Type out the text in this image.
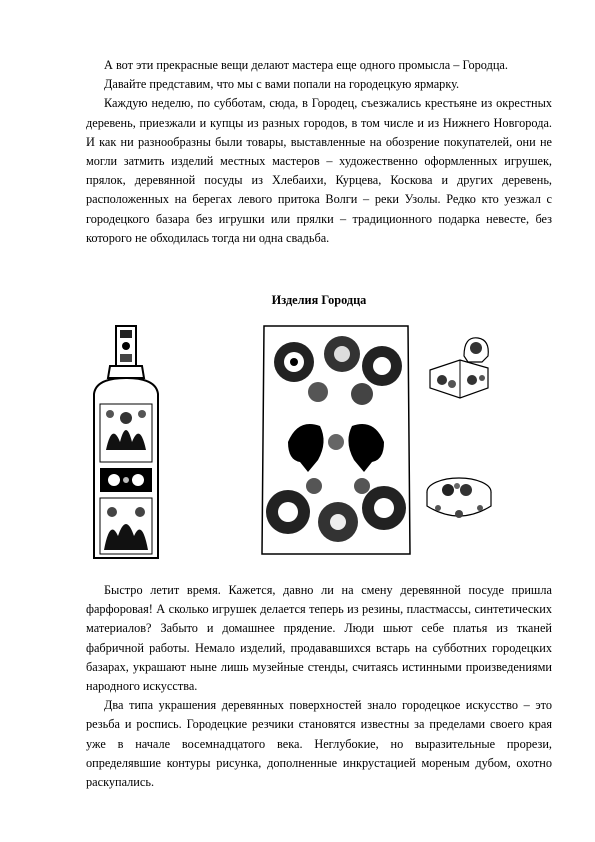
А вот эти прекрасные вещи делают мастера еще одного промысла – Городца.

Давайте представим, что мы с вами попали на городецкую ярмарку.

Каждую неделю, по субботам, сюда, в Городец, съезжались крестьяне из окрестных деревень, приезжали и купцы из разных городов, в том числе и из Нижнего Новгорода. И как ни разнообразны были товары, выставленные на обозрение покупателей, они не могли затмить изделий местных мастеров – художественно оформленных игрушек, прялок, деревянной посуды из Хлебаихи, Курцева, Коскова и других деревень, расположенных на берегах левого притока Волги – реки Узолы. Редко кто уезжал с городецкого базара без игрушки или прялки – традиционного подарка невесте, без которого не обходилась тогда ни одна свадьба.

Изделия Городца

Быстро летит время. Кажется, давно ли на смену деревянной посуде пришла фарфоровая! А сколько игрушек делается теперь из резины, пластмассы, синтетических материалов? Забыто и домашнее прядение. Люди шьют себе платья из тканей фабричной работы. Немало изделий, продававшихся встарь на субботних городецких базарах, украшают ныне лишь музейные стенды, считаясь истинными произведениями народного искусства.

Два типа украшения деревянных поверхностей знало городецкое искусство – это резьба и роспись. Городецкие резчики становятся известны за пределами своего края уже в начале восемнадцатого века. Неглубокие, но выразительные прорези, определявшие контуры рисунка, дополненные инкрустацией мореным дубом, охотно раскупались.
